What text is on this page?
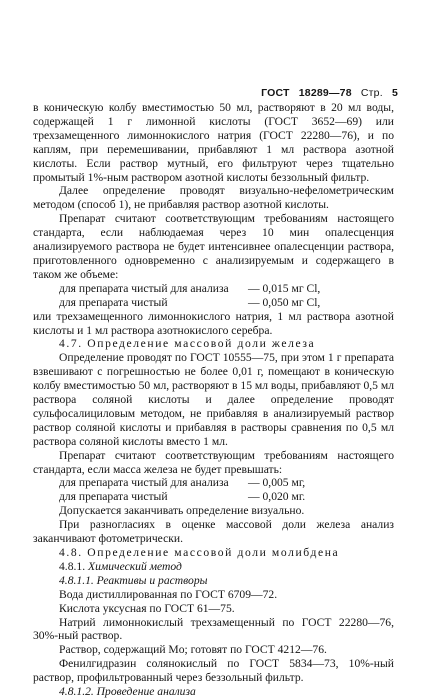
ГОСТ 18289—78 Стр. 5

в коническую колбу вместимостью 50 мл, растворяют в 20 мл воды, содержащей 1 г лимонной кислоты (ГОСТ 3652—69) или трехзамещенного лимоннокислого натрия (ГОСТ 22280—76), и по каплям, при перемешивании, прибавляют 1 мл раствора азотной кислоты. Если раствор мутный, его фильтруют через тщательно промытый 1%-ным раствором азотной кислоты беззольный фильтр.

Далее определение проводят визуально-нефелометрическим методом (способ 1), не прибавляя раствор азотной кислоты.

Препарат считают соответствующим требованиям настоящего стандарта, если наблюдаемая через 10 мин опалесценция анализируемого раствора не будет интенсивнее опалесценции раствора, приготовленного одновременно с анализируемым и содержащего в таком же объеме:

для препарата чистый для анализа	— 0,015 мг Cl,
для препарата чистый	— 0,050 мг Cl,

или трехзамещенного лимоннокислого натрия, 1 мл раствора азотной кислоты и 1 мл раствора азотнокислого серебра.

4.7. Определение массовой доли железа

Определение проводят по ГОСТ 10555—75, при этом 1 г препарата взвешивают с погрешностью не более 0,01 г, помещают в коническую колбу вместимостью 50 мл, растворяют в 15 мл воды, прибавляют 0,5 мл раствора соляной кислоты и далее определение проводят сульфосалициловым методом, не прибавляя в анализируемый раствор раствор соляной кислоты и прибавляя в растворы сравнения по 0,5 мл раствора соляной кислоты вместо 1 мл.

Препарат считают соответствующим требованиям настоящего стандарта, если масса железа не будет превышать:

для препарата чистый для анализа	— 0,005 мг,
для препарата чистый	— 0,020 мг.

Допускается заканчивать определение визуально.

При разногласиях в оценке массовой доли железа анализ заканчивают фотометрически.

4.8. Определение массовой доли молибдена

4.8.1. Химический метод

4.8.1.1. Реактивы и растворы

Вода дистиллированная по ГОСТ 6709—72.

Кислота уксусная по ГОСТ 61—75.

Натрий лимоннокислый трехзамещенный по ГОСТ 22280—76, 30%-ный раствор.

Раствор, содержащий Mo; готовят по ГОСТ 4212—76.

Фенилгидразин солянокислый по ГОСТ 5834—73, 10%-ный раствор, профильтрованный через беззольный фильтр.

4.8.1.2. Проведение анализа
